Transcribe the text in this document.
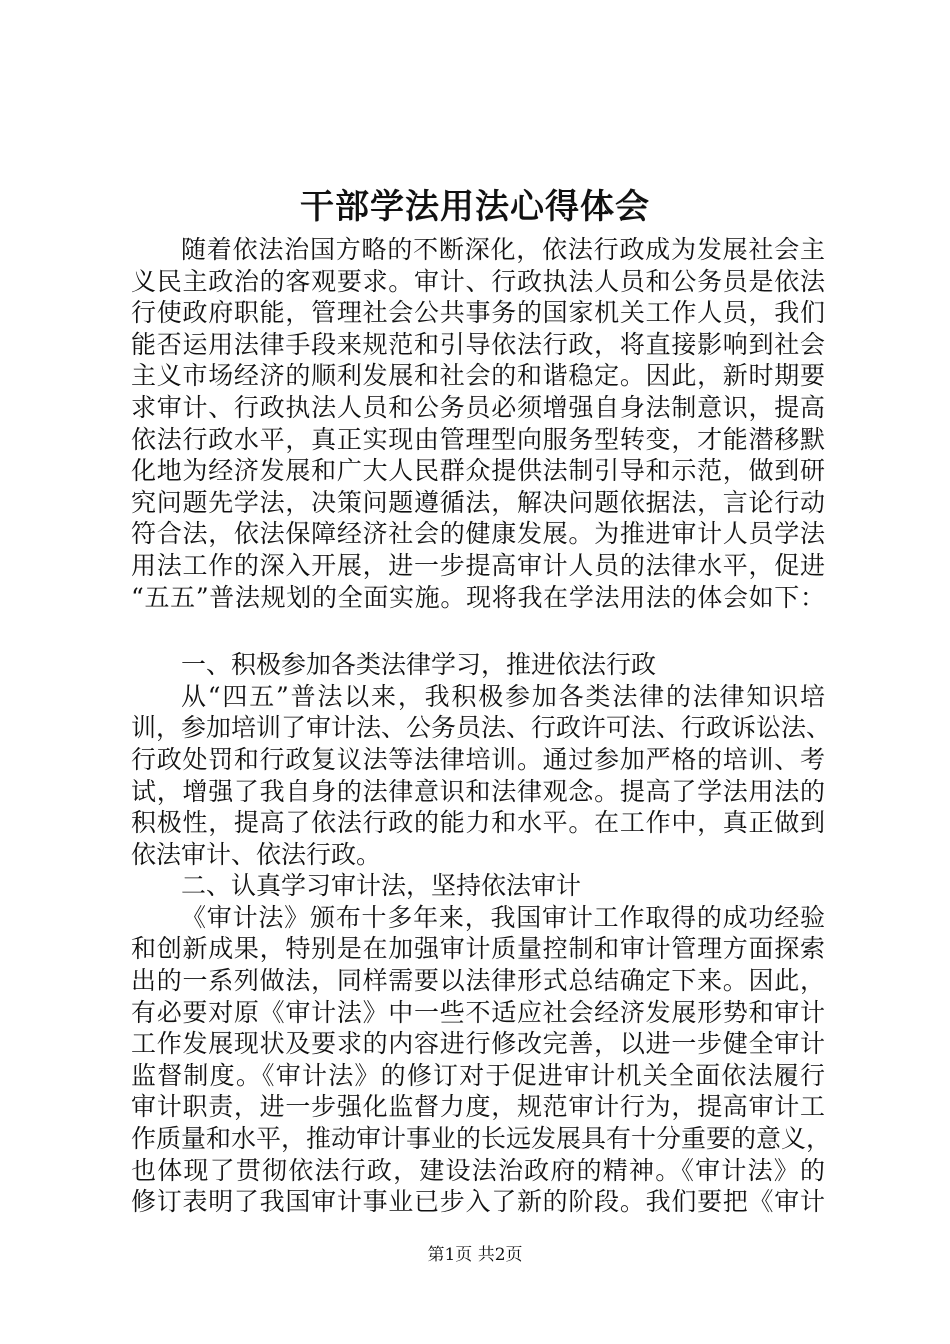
干部学法用法心得体会
随着依法治国方略的不断深化，依法行政成为发展社会主
义民主政治的客观要求。审计、行政执法人员和公务员是依法
行使政府职能，管理社会公共事务的国家机关工作人员，我们
能否运用法律手段来规范和引导依法行政，将直接影响到社会
主义市场经济的顺利发展和社会的和谐稳定。因此，新时期要
求审计、行政执法人员和公务员必须增强自身法制意识，提高
依法行政水平，真正实现由管理型向服务型转变，才能潜移默
化地为经济发展和广大人民群众提供法制引导和示范，做到研
究问题先学法，决策问题遵循法，解决问题依据法，言论行动
符合法，依法保障经济社会的健康发展。为推进审计人员学法
用法工作的深入开展，进一步提高审计人员的法律水平，促进
“五五”普法规划的全面实施。现将我在学法用法的体会如下：
一、积极参加各类法律学习，推进依法行政
从“四五”普法以来，我积极参加各类法律的法律知识培
训，参加培训了审计法、公务员法、行政许可法、行政诉讼法、
行政处罚和行政复议法等法律培训。通过参加严格的培训、考
试，增强了我自身的法律意识和法律观念。提高了学法用法的
积极性，提高了依法行政的能力和水平。在工作中，真正做到
依法审计、依法行政。
二、认真学习审计法，坚持依法审计
《审计法》颁布十多年来，我国审计工作取得的成功经验
和创新成果，特别是在加强审计质量控制和审计管理方面探索
出的一系列做法，同样需要以法律形式总结确定下来。因此，
有必要对原《审计法》中一些不适应社会经济发展形势和审计
工作发展现状及要求的内容进行修改完善，以进一步健全审计
监督制度。《审计法》的修订对于促进审计机关全面依法履行
审计职责，进一步强化监督力度，规范审计行为，提高审计工
作质量和水平，推动审计事业的长远发展具有十分重要的意义，
也体现了贯彻依法行政，建设法治政府的精神。《审计法》的
修订表明了我国审计事业已步入了新的阶段。我们要把《审计
第1页 共2页
